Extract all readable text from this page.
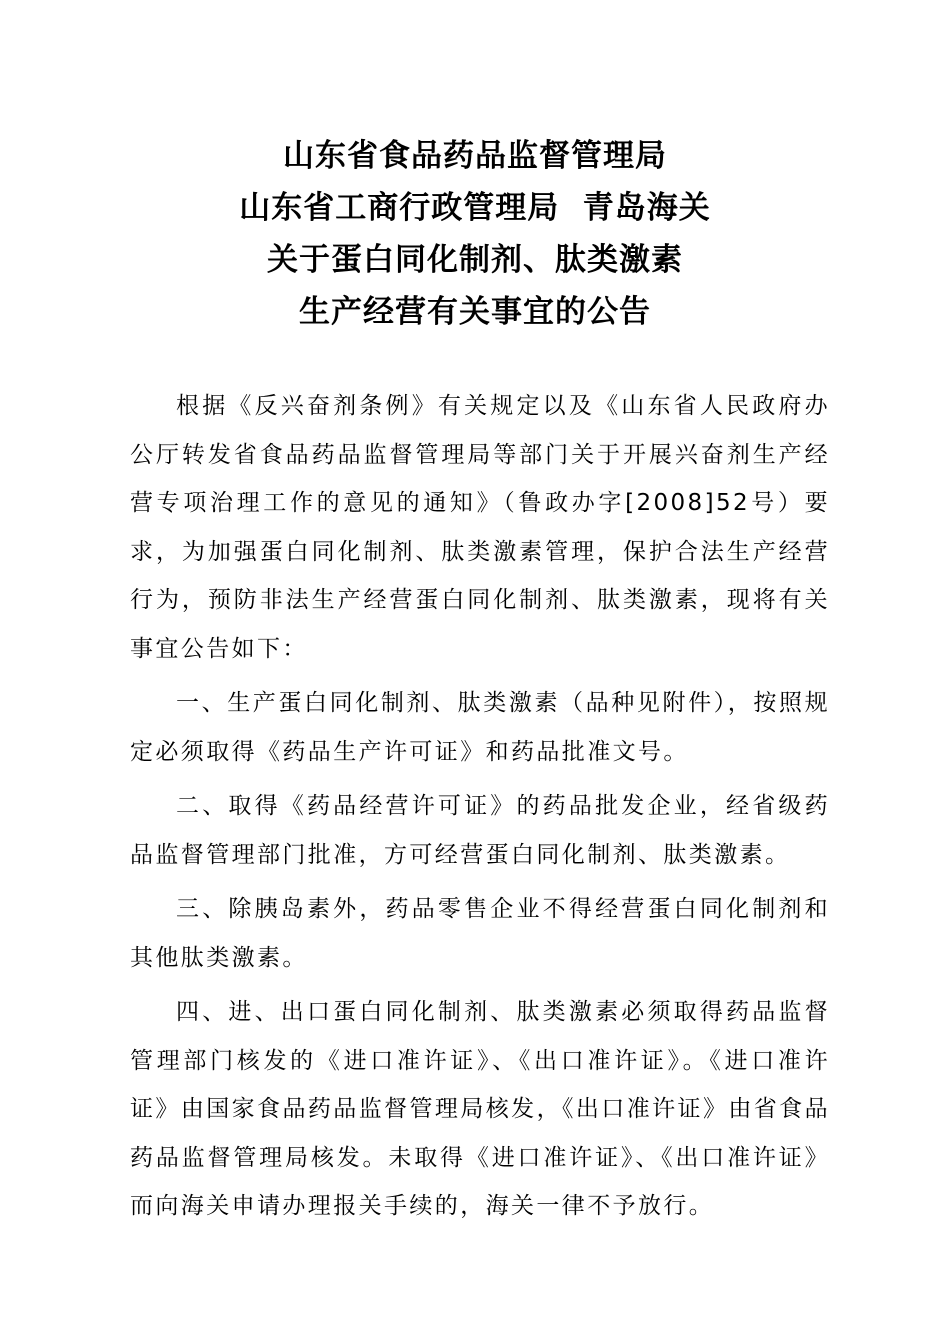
山东省食品药品监督管理局
山东省工商行政管理局  青岛海关
关于蛋白同化制剂、肽类激素
生产经营有关事宜的公告

根据《反兴奋剂条例》有关规定以及《山东省人民政府办公厅转发省食品药品监督管理局等部门关于开展兴奋剂生产经营专项治理工作的意见的通知》（鲁政办字[2008]52号）要求，为加强蛋白同化制剂、肽类激素管理，保护合法生产经营行为，预防非法生产经营蛋白同化制剂、肽类激素，现将有关事宜公告如下：

一、生产蛋白同化制剂、肽类激素（品种见附件），按照规定必须取得《药品生产许可证》和药品批准文号。

二、取得《药品经营许可证》的药品批发企业，经省级药品监督管理部门批准，方可经营蛋白同化制剂、肽类激素。

三、除胰岛素外，药品零售企业不得经营蛋白同化制剂和其他肽类激素。

四、进、出口蛋白同化制剂、肽类激素必须取得药品监督管理部门核发的《进口准许证》、《出口准许证》。《进口准许证》由国家食品药品监督管理局核发，《出口准许证》由省食品药品监督管理局核发。未取得《进口准许证》、《出口准许证》而向海关申请办理报关手续的，海关一律不予放行。
